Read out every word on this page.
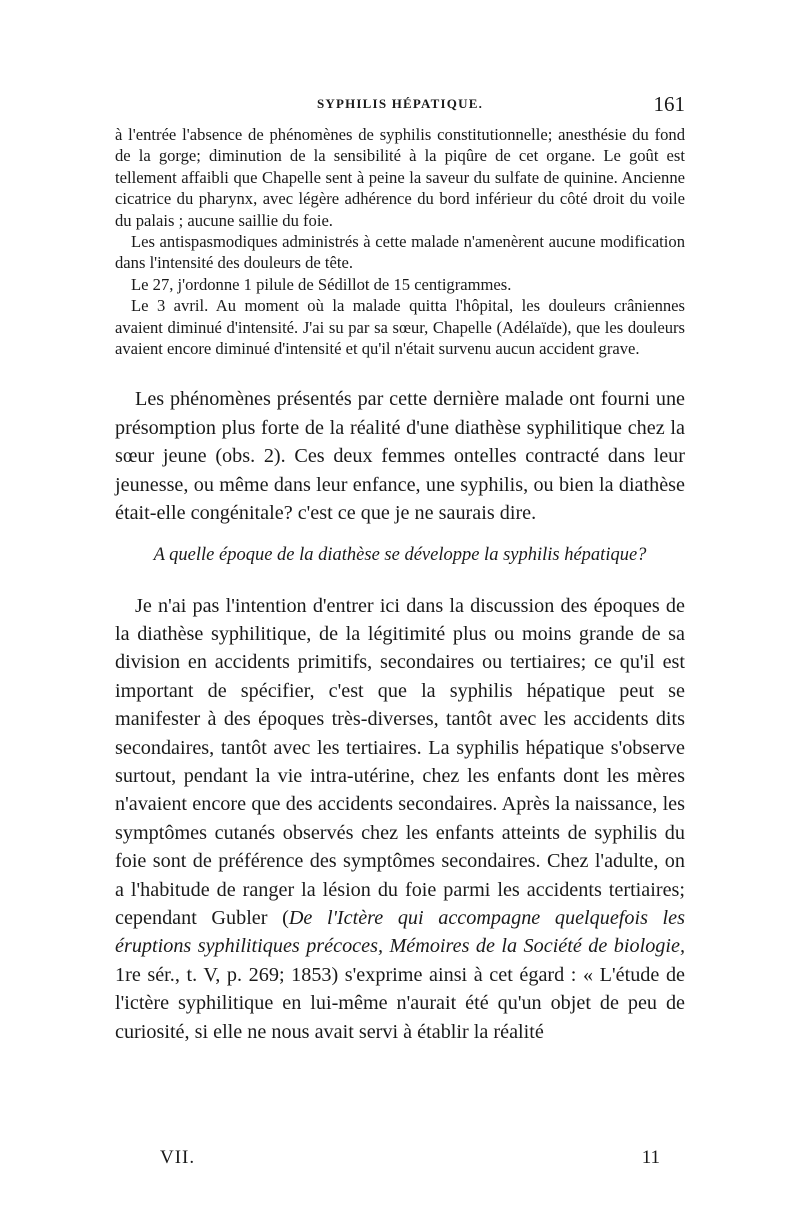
SYPHILIS HÉPATIQUE.	161

à l'entrée l'absence de phénomènes de syphilis constitutionnelle; anesthésie du fond de la gorge; diminution de la sensibilité à la piqûre de cet organe. Le goût est tellement affaibli que Chapelle sent à peine la saveur du sulfate de quinine. Ancienne cicatrice du pharynx, avec légère adhérence du bord inférieur du côté droit du voile du palais ; aucune saillie du foie.

Les antispasmodiques administrés à cette malade n'amenèrent aucune modification dans l'intensité des douleurs de tête.

Le 27, j'ordonne 1 pilule de Sédillot de 15 centigrammes.

Le 3 avril. Au moment où la malade quitta l'hôpital, les douleurs crâniennes avaient diminué d'intensité. J'ai su par sa sœur, Chapelle (Adélaïde), que les douleurs avaient encore diminué d'intensité et qu'il n'était survenu aucun accident grave.

Les phénomènes présentés par cette dernière malade ont fourni une présomption plus forte de la réalité d'une diathèse syphilitique chez la sœur jeune (obs. 2). Ces deux femmes ontelles contracté dans leur jeunesse, ou même dans leur enfance, une syphilis, ou bien la diathèse était-elle congénitale? c'est ce que je ne saurais dire.

A quelle époque de la diathèse se développe la syphilis hépatique?

Je n'ai pas l'intention d'entrer ici dans la discussion des époques de la diathèse syphilitique, de la légitimité plus ou moins grande de sa division en accidents primitifs, secondaires ou tertiaires; ce qu'il est important de spécifier, c'est que la syphilis hépatique peut se manifester à des époques très-diverses, tantôt avec les accidents dits secondaires, tantôt avec les tertiaires. La syphilis hépatique s'observe surtout, pendant la vie intra-utérine, chez les enfants dont les mères n'avaient encore que des accidents secondaires. Après la naissance, les symptômes cutanés observés chez les enfants atteints de syphilis du foie sont de préférence des symptômes secondaires. Chez l'adulte, on a l'habitude de ranger la lésion du foie parmi les accidents tertiaires; cependant Gubler (De l'Ictère qui accompagne quelquefois les éruptions syphilitiques précoces, Mémoires de la Société de biologie, 1re sér., t. V, p. 269; 1853) s'exprime ainsi à cet égard : « L'étude de l'ictère syphilitique en lui-même n'aurait été qu'un objet de peu de curiosité, si elle ne nous avait servi à établir la réalité

VII.	11
